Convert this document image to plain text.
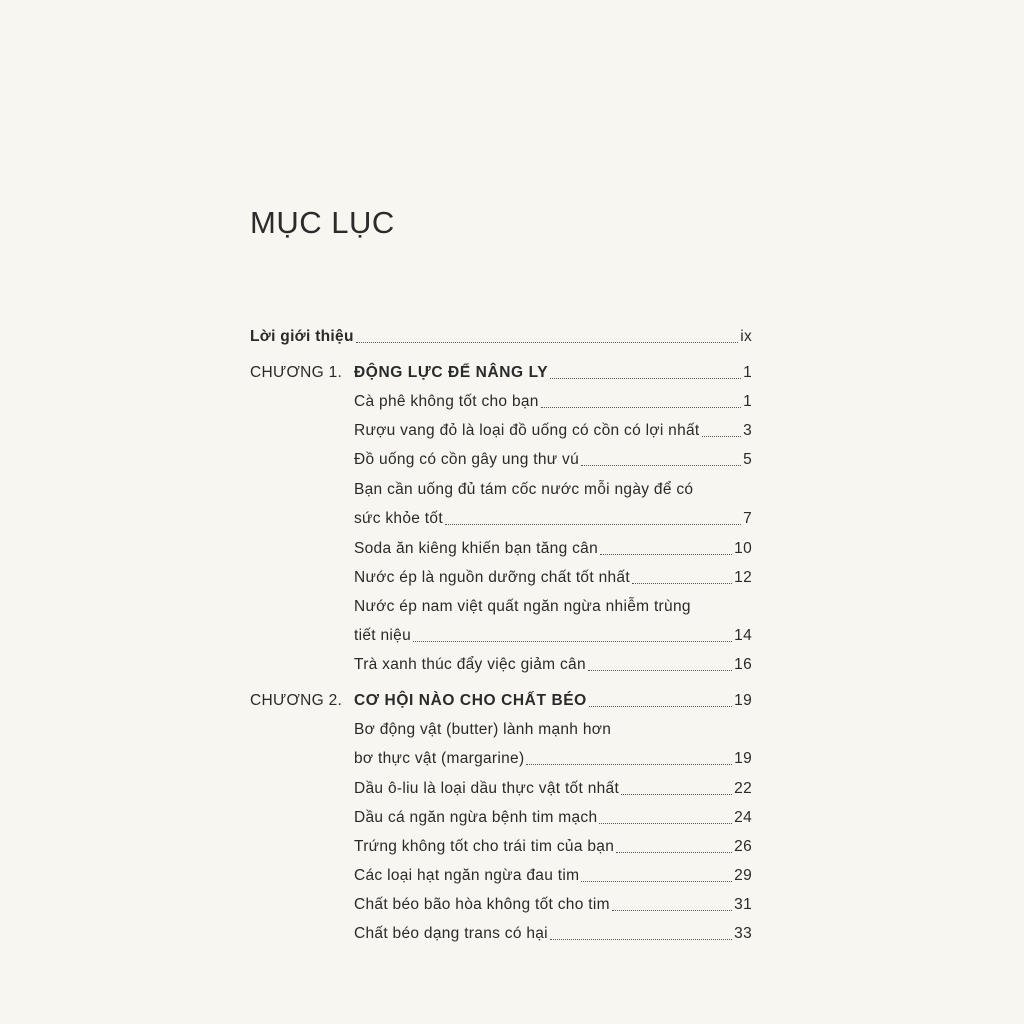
MỤC LỤC
Lời giới thiệu	ix
CHƯƠNG 1. ĐỘNG LỰC ĐỂ NÂNG LY	1
Cà phê không tốt cho bạn	1
Rượu vang đỏ là loại đồ uống có cồn có lợi nhất	3
Đồ uống có cồn gây ung thư vú	5
Bạn cần uống đủ tám cốc nước mỗi ngày để có
sức khỏe tốt	7
Soda ăn kiêng khiến bạn tăng cân	10
Nước ép là nguồn dưỡng chất tốt nhất	12
Nước ép nam việt quất ngăn ngừa nhiễm trùng
tiết niệu	14
Trà xanh thúc đẩy việc giảm cân	16
CHƯƠNG 2. CƠ HỘI NÀO CHO CHẤT BÉO	19
Bơ động vật (butter) lành mạnh hơn
bơ thực vật (margarine)	19
Dầu ô-liu là loại dầu thực vật tốt nhất	22
Dầu cá ngăn ngừa bệnh tim mạch	24
Trứng không tốt cho trái tim của bạn	26
Các loại hạt ngăn ngừa đau tim	29
Chất béo bão hòa không tốt cho tim	31
Chất béo dạng trans có hại	33
